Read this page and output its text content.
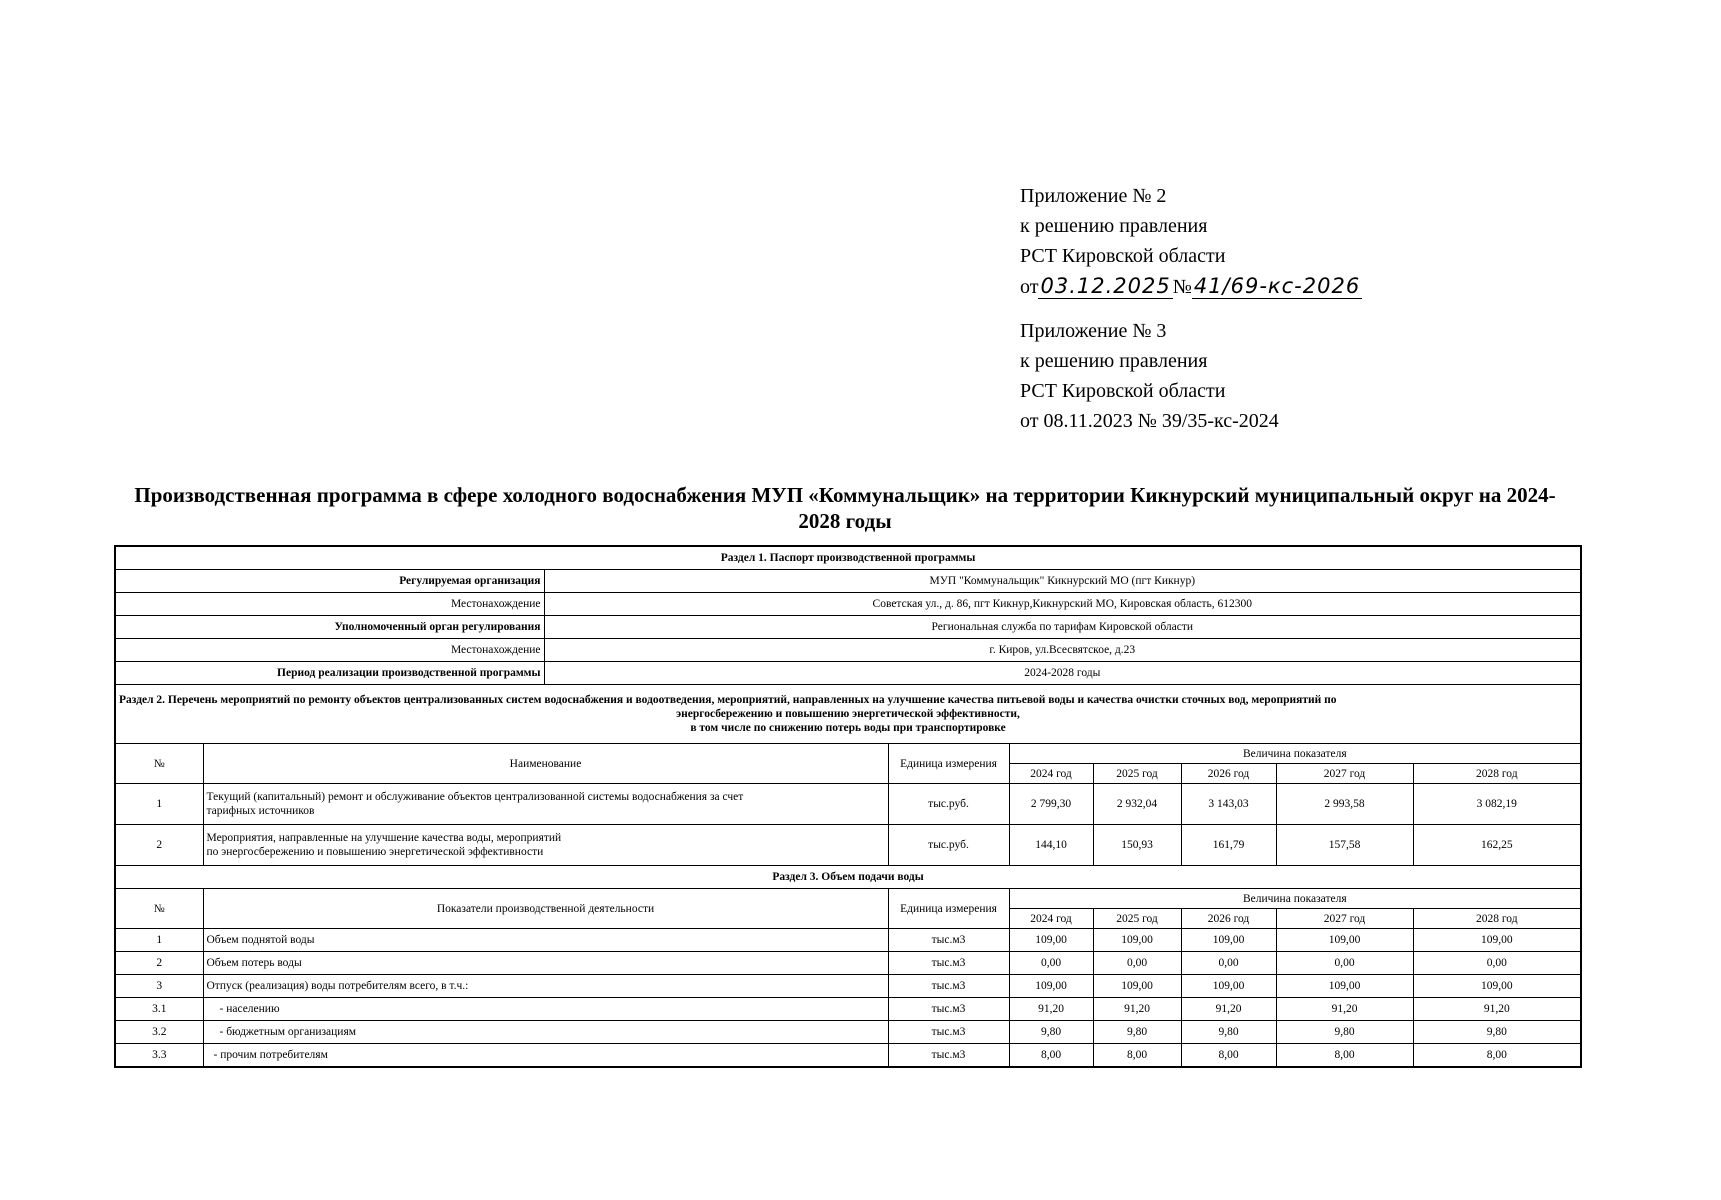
Приложение № 2
к решению правления
РСТ Кировской области
от03.12.2025 №41/69-кс-2026
Приложение № 3
к решению правления
РСТ Кировской области
от 08.11.2023 № 39/35-кс-2024
Производственная программа в сфере холодного водоснабжения МУП «Коммунальщик» на территории Кикнурский муниципальный округ на 2024-
2028 годы
Раздел 1. Паспорт производственной программы								
Регулируемая организация		МУП "Коммунальщик" Кикнурский МО (пгт Кикнур)						
Местонахождение		Советская ул., д. 86, пгт Кикнур,Кикнурский МО, Кировская область, 612300						
Уполномоченный орган регулирования		Региональная служба по тарифам Кировской области						
Местонахождение		г. Киров, ул.Всесвятское, д.23						
Период реализации производственной программы		2024-2028 годы						

Раздел 2. Перечень мероприятий по ремонту объектов централизованных систем водоснабжения и водоотведения, мероприятий, направленных на улучшение качества питьевой воды и качества очистки сточных вод, мероприятий по
энергосбережению и повышению энергетической эффективности,
в том числе по снижению потерь воды при транспортировке								

№	Наименование		Единица измерения	Величина показателя				
				2024 год	2025 год	2026 год	2027 год	2028 год
1	Текущий (капитальный) ремонт и обслуживание объектов централизованной системы водоснабжения за счет
тарифных источников		тыс.руб.	2 799,30	2 932,04	3 143,03	2 993,58	3 082,19
2	Мероприятия, направленные на улучшение качества воды, мероприятий
по энергосбережению и повышению энергетической эффективности		тыс.руб.	144,10	150,93	161,79	157,58	162,25
Раздел 3. Объем подачи воды								
№	Показатели производственной деятельности		Единица измерения	Величина показателя				
				2024 год	2025 год	2026 год	2027 год	2028 год
1	Объем поднятой воды		тыс.м3	109,00	109,00	109,00	109,00	109,00
2	Объем потерь воды		тыс.м3	0,00	0,00	0,00	0,00	0,00
3	Отпуск (реализация) воды потребителям всего, в т.ч.:		тыс.м3	109,00	109,00	109,00	109,00	109,00
3.1	- населению		тыс.м3	91,20	91,20	91,20	91,20	91,20
3.2	- бюджетным организациям		тыс.м3	9,80	9,80	9,80	9,80	9,80
3.3	- прочим потребителям		тыс.м3	8,00	8,00	8,00	8,00	8,00
